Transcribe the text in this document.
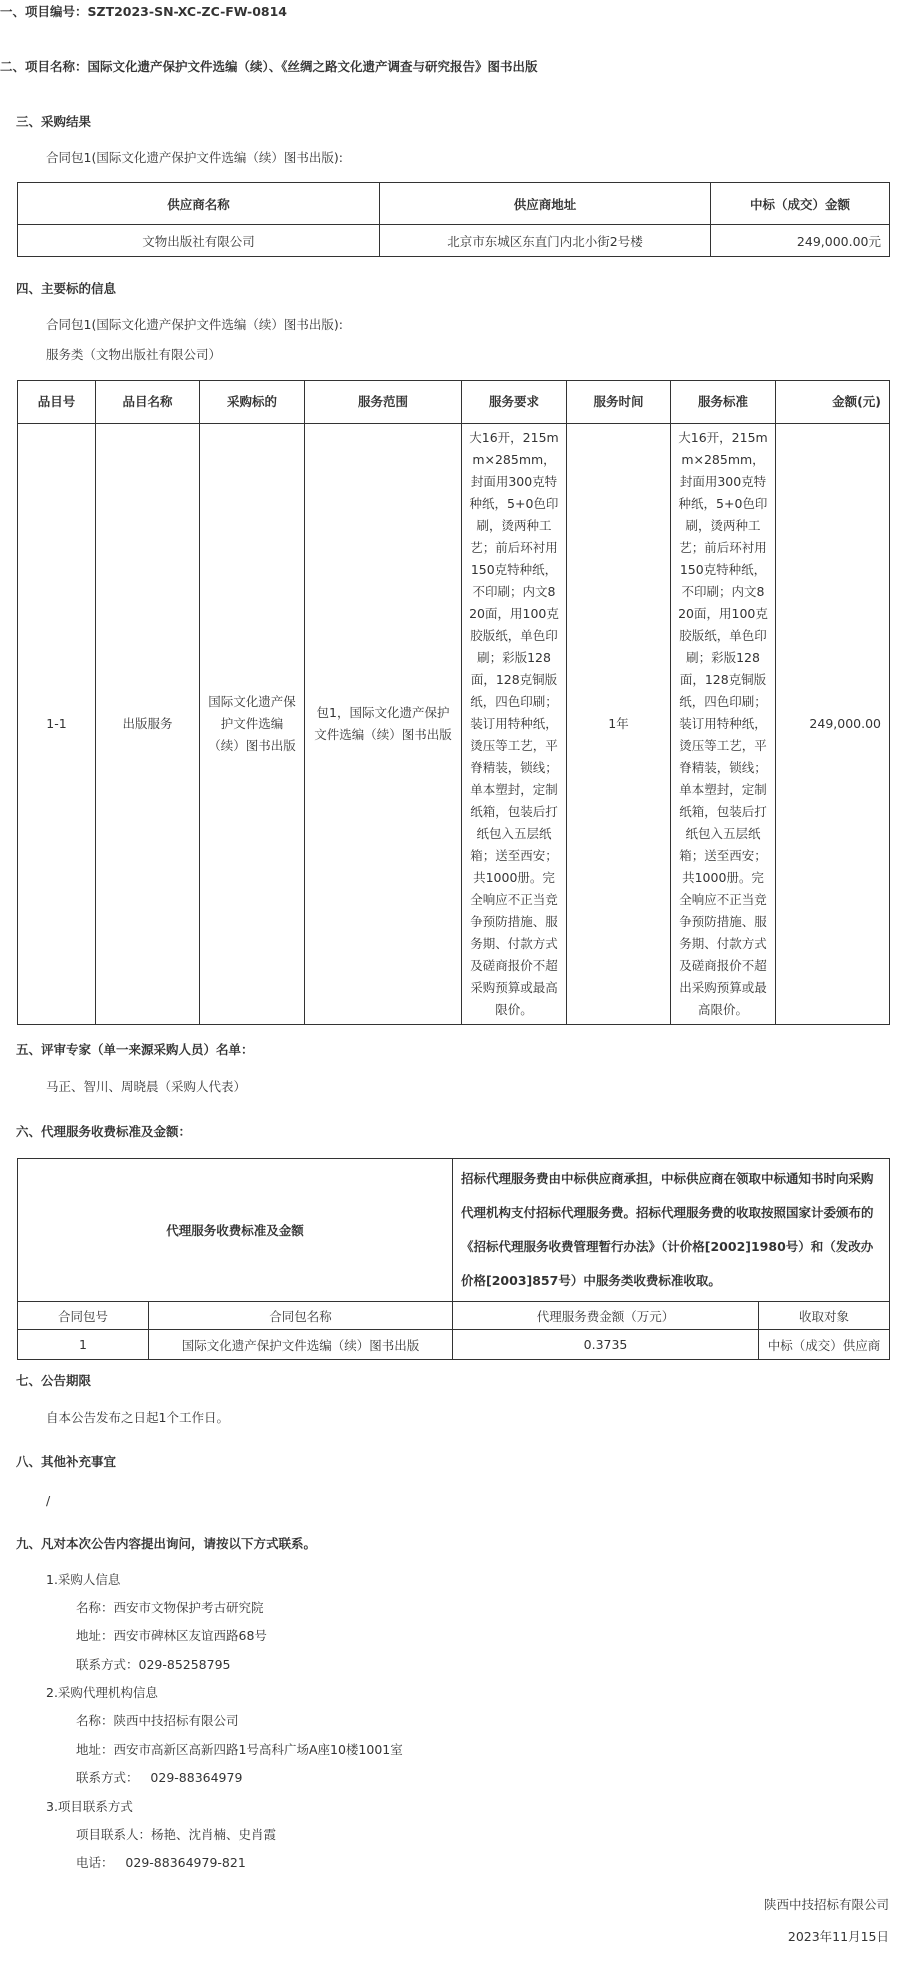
一、项目编号：SZT2023-SN-XC-ZC-FW-0814
二、项目名称：国际文化遗产保护文件选编（续）、《丝绸之路文化遗产调查与研究报告》图书出版
三、采购结果
合同包1(国际文化遗产保护文件选编（续）图书出版):
供应商名称	供应商地址	中标（成交）金额
文物出版社有限公司	北京市东城区东直门内北小街2号楼	249,000.00元
四、主要标的信息
合同包1(国际文化遗产保护文件选编（续）图书出版):
服务类（文物出版社有限公司）
品目号	品目名称	采购标的	服务范围	服务要求	服务时间	服务标准	金额(元)
1-1	出版服务	国际文化遗产保护文件选编（续）图书出版	包1，国际文化遗产保护文件选编（续）图书出版	大16开，215mm×285mm，封面用300克特种纸，5+0色印刷，烫两种工艺；前后环衬用150克特种纸，不印刷；内文820面，用100克胶版纸，单色印刷；彩版128面，128克铜版纸，四色印刷；装订用特种纸，烫压等工艺，平脊精装，锁线；单本塑封，定制纸箱，包装后打纸包入五层纸箱；送至西安；共1000册。完全响应不正当竞争预防措施、服务期、付款方式及磋商报价不超采购预算或最高限价。	1年	大16开，215mm×285mm，封面用300克特种纸，5+0色印刷，烫两种工艺；前后环衬用150克特种纸，不印刷；内文820面，用100克胶版纸，单色印刷；彩版128面，128克铜版纸，四色印刷；装订用特种纸，烫压等工艺，平脊精装，锁线；单本塑封，定制纸箱，包装后打纸包入五层纸箱；送至西安；共1000册。完全响应不正当竞争预防措施、服务期、付款方式及磋商报价不超出采购预算或最高限价。	249,000.00
五、评审专家（单一来源采购人员）名单：
马正、智川、周晓晨（采购人代表）
六、代理服务收费标准及金额：
代理服务收费标准及金额		招标代理服务费由中标供应商承担，中标供应商在领取中标通知书时向采购代理机构支付招标代理服务费。招标代理服务费的收取按照国家计委颁布的《招标代理服务收费管理暂行办法》（计价格[2002]1980号）和（发改办价格[2003]857号）中服务类收费标准收取。	
合同包号	合同包名称	代理服务费金额（万元）	收取对象
1	国际文化遗产保护文件选编（续）图书出版	0.3735	中标（成交）供应商
七、公告期限
自本公告发布之日起1个工作日。
八、其他补充事宜
/
九、凡对本次公告内容提出询问，请按以下方式联系。
1.采购人信息
名称：西安市文物保护考古研究院
地址：西安市碑林区友谊西路68号
联系方式：029-85258795
2.采购代理机构信息
名称：陕西中技招标有限公司
地址：西安市高新区高新四路1号高科广场A座10楼1001室
联系方式：   029-88364979
3.项目联系方式
项目联系人：杨艳、沈肖楠、史肖霞
电话：   029-88364979-821
陕西中技招标有限公司
2023年11月15日
